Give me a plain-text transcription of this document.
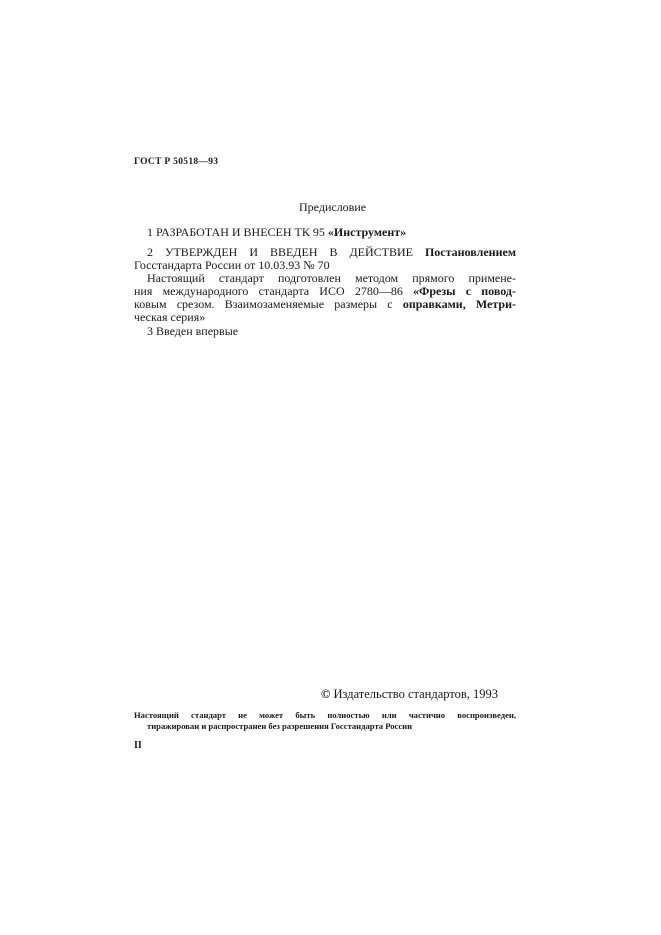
ГОСТ Р 50518—93
Предисловие
1 РАЗРАБОТАН И ВНЕСЕН ТК 95 «Инструмент»
2 УТВЕРЖДЕН И ВВЕДЕН В ДЕЙСТВИЕ Постановлением
Госстандарта России от 10.03.93 № 70
Настоящий стандарт подготовлен методом прямого примене-
ния международного стандарта ИСО 2780—86 «Фрезы с повод-
ковым срезом. Взаимозаменяемые размеры с оправками, Метри-
ческая серия»
3 Введен впервые
© Издательство стандартов, 1993
Настоящий стандарт не может быть полностью или частично воспроизведен,
тиражирован и распространен без разрешения Госстандарта России
II
